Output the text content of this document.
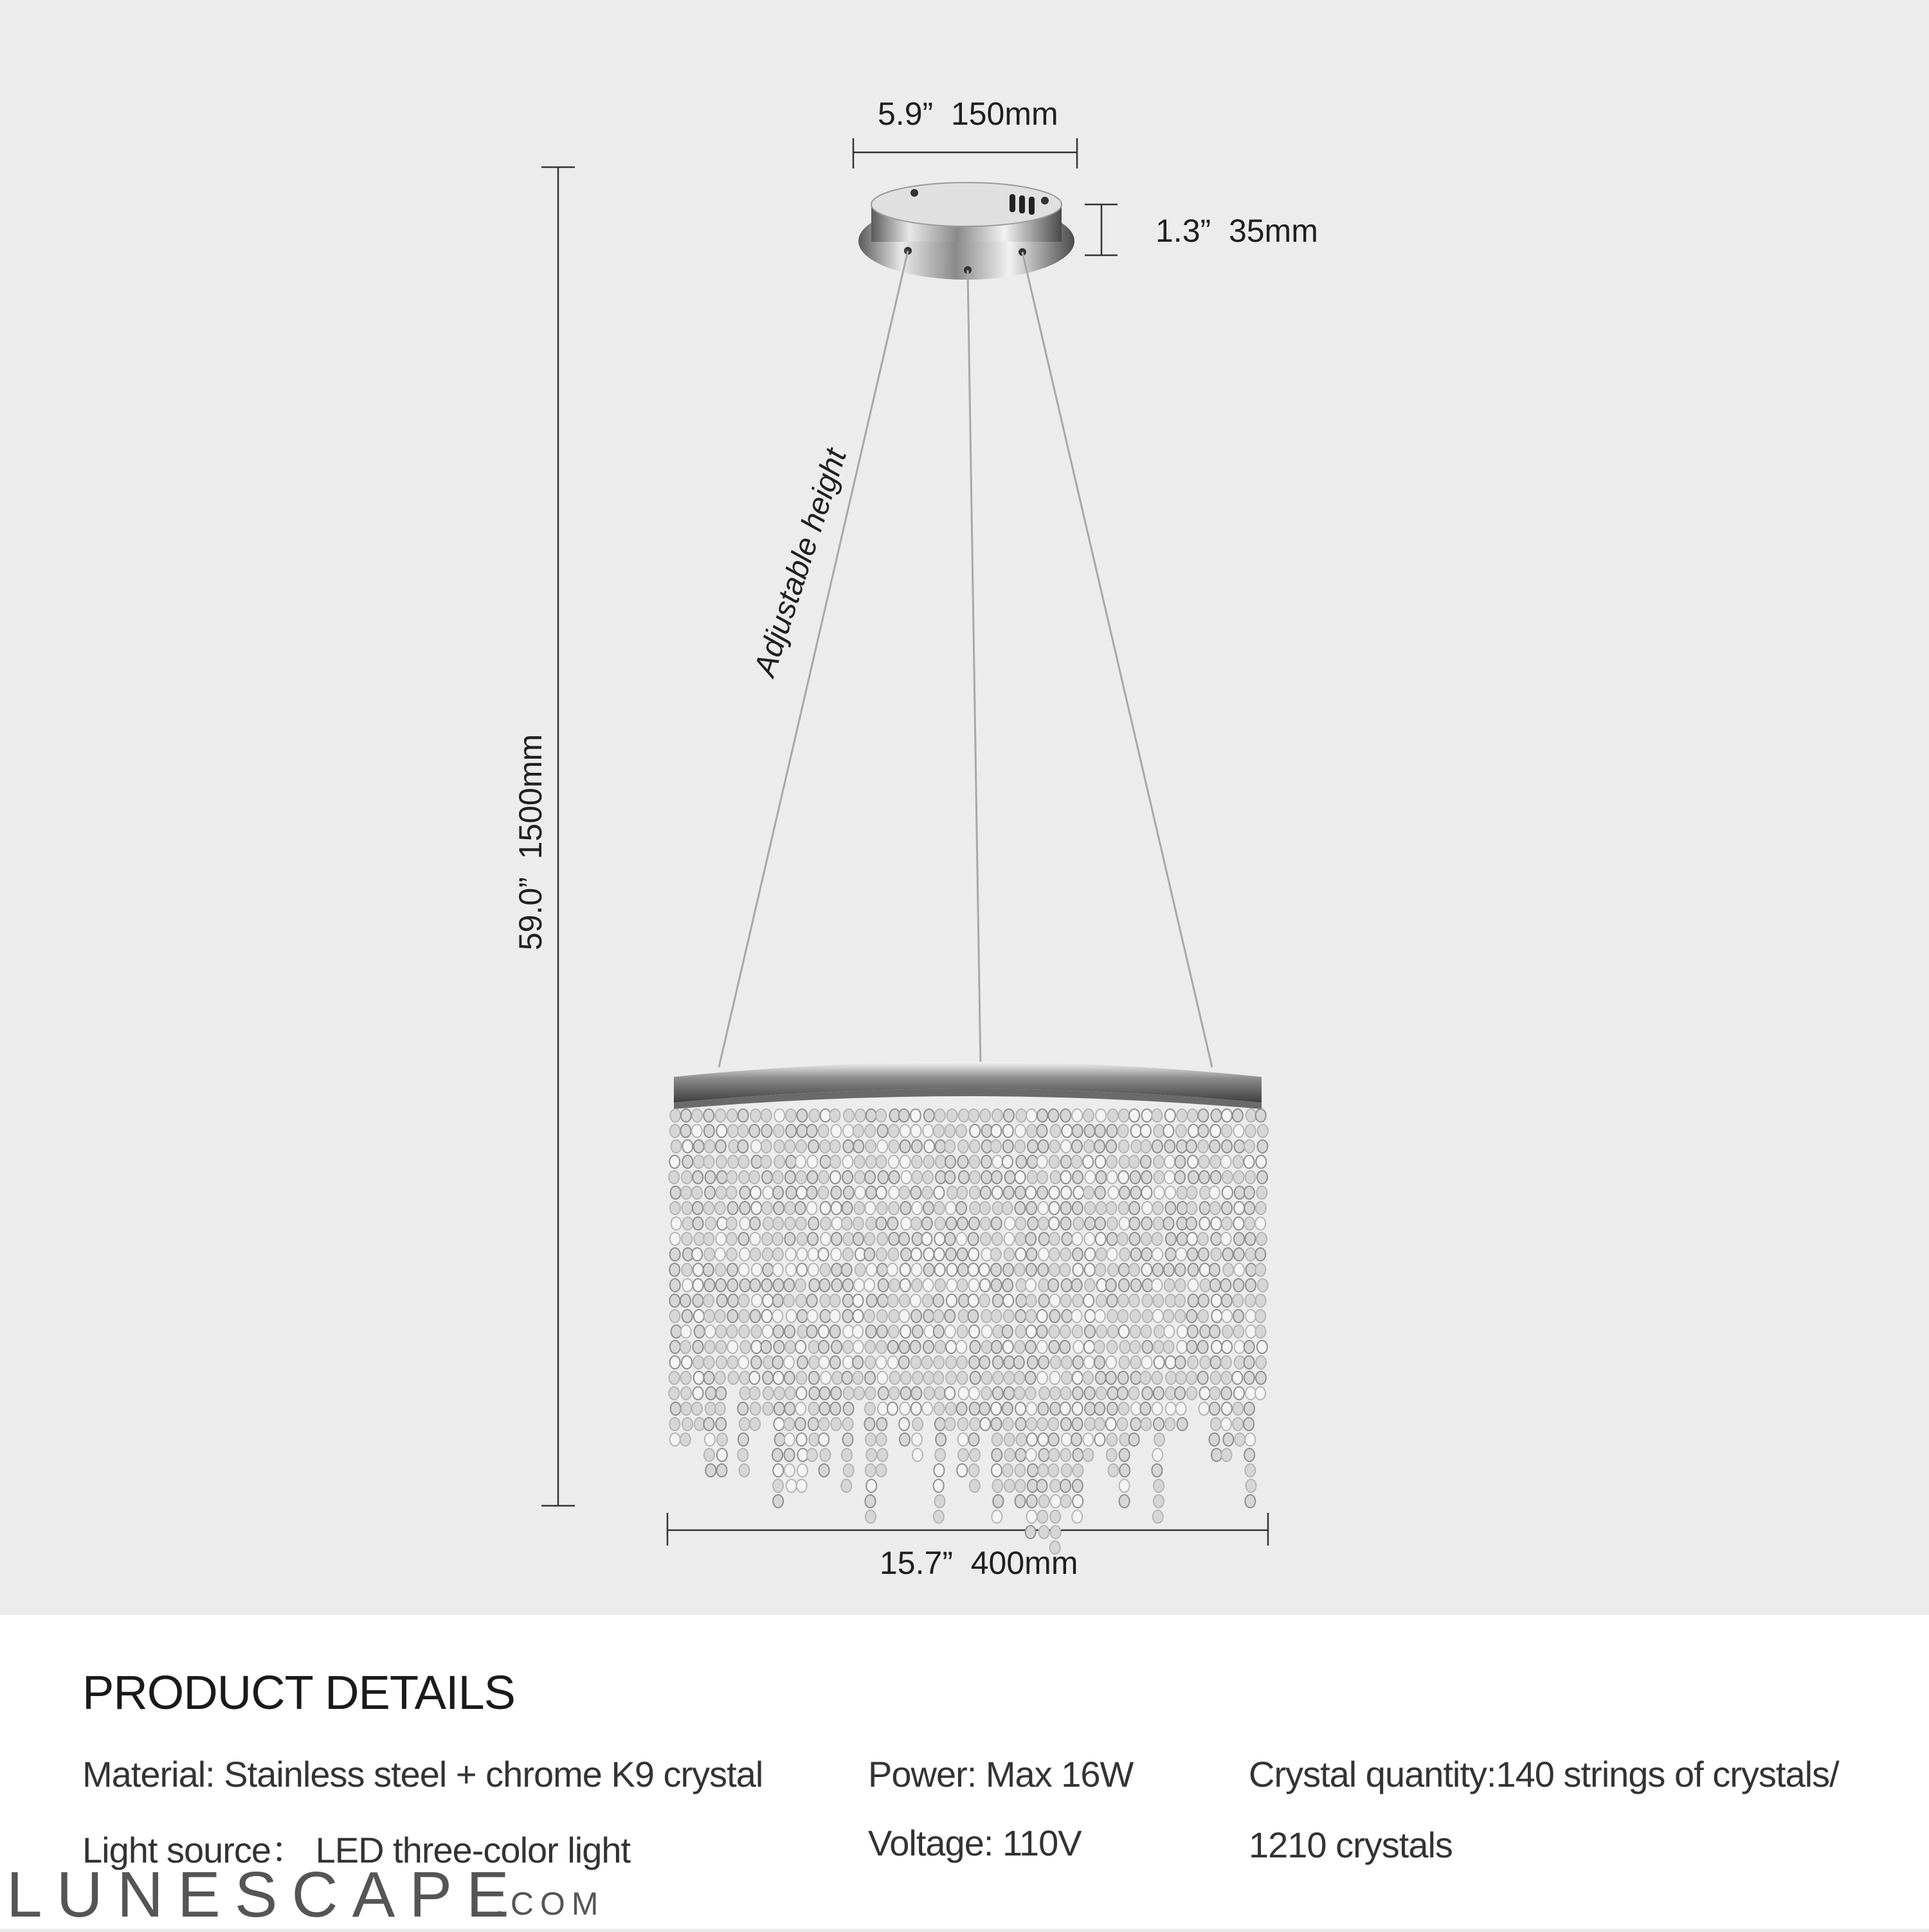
5.9”  150mm
1.3”  35mm
59.0”  1500mm
15.7”  400mm
Adjustable height
PRODUCT DETAILS
Material: Stainless steel + chrome K9 crystal
Light source： LED three-color light
Power: Max 16W
Voltage: 110V
Crystal quantity:140 strings of crystals/
1210 crystals
LUNESCAPE
.COM
